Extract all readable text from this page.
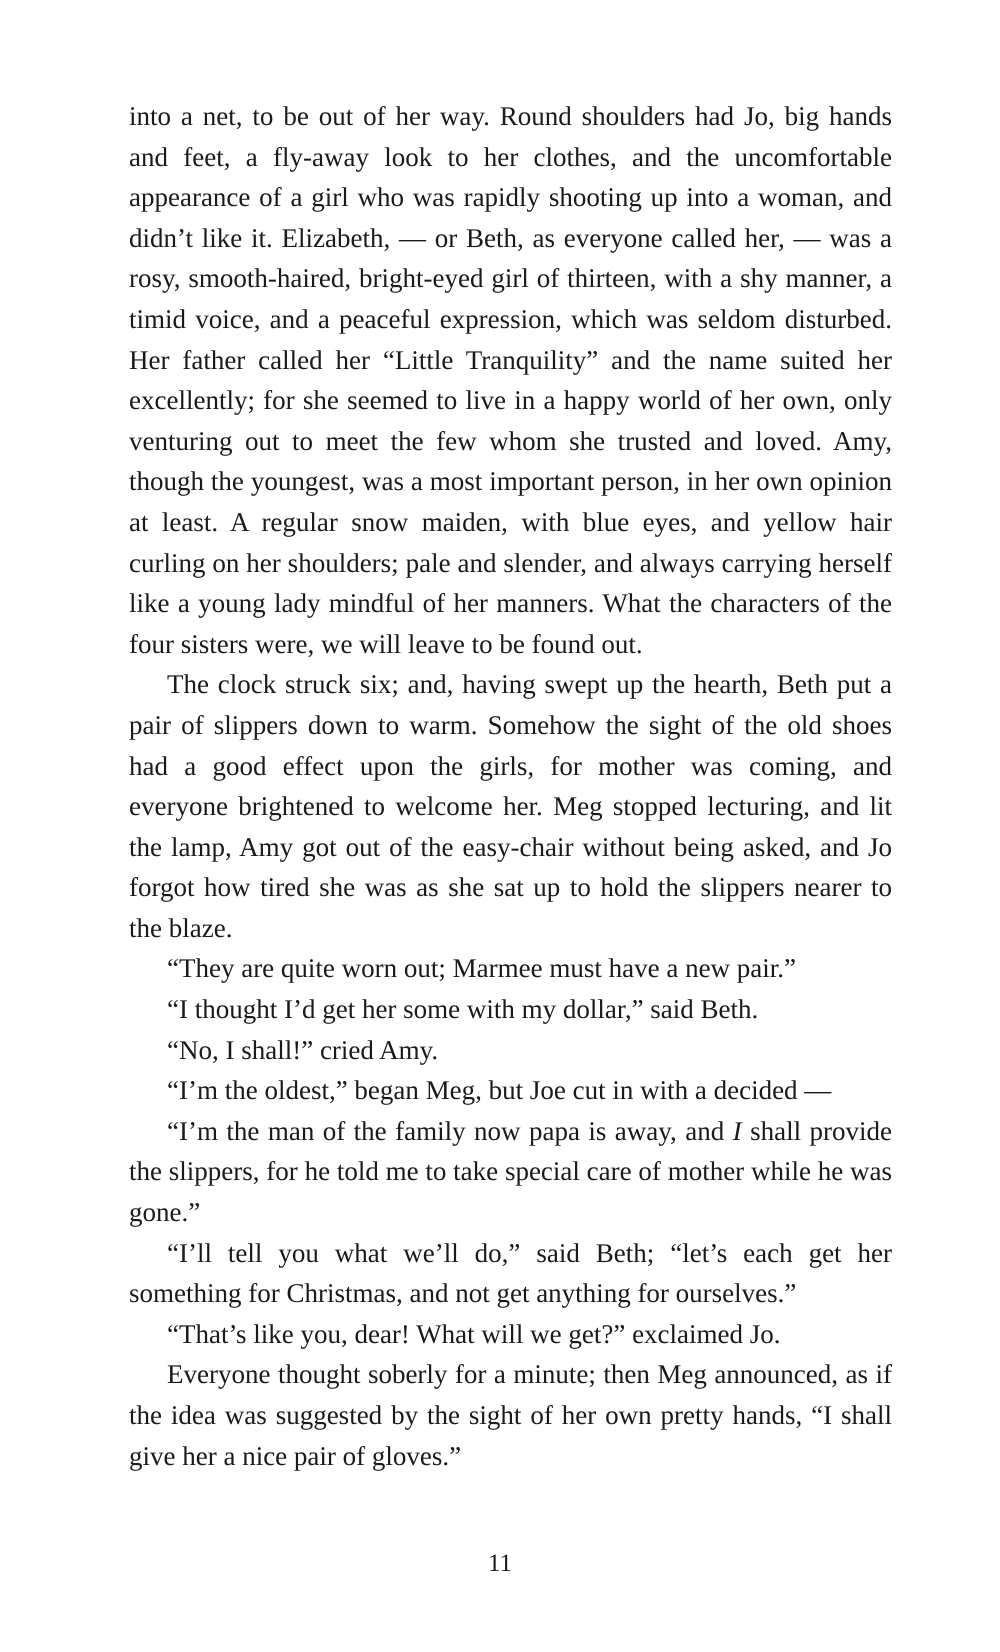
into a net, to be out of her way. Round shoulders had Jo, big hands and feet, a fly-away look to her clothes, and the uncomfortable appearance of a girl who was rapidly shooting up into a woman, and didn’t like it. Elizabeth, — or Beth, as everyone called her, — was a rosy, smooth-haired, bright-eyed girl of thirteen, with a shy manner, a timid voice, and a peaceful expression, which was seldom disturbed. Her father called her “Little Tranquility” and the name suited her excellently; for she seemed to live in a happy world of her own, only venturing out to meet the few whom she trusted and loved. Amy, though the youngest, was a most important person, in her own opinion at least. A regular snow maiden, with blue eyes, and yellow hair curling on her shoulders; pale and slender, and always carrying herself like a young lady mindful of her manners. What the characters of the four sisters were, we will leave to be found out.

The clock struck six; and, having swept up the hearth, Beth put a pair of slippers down to warm. Somehow the sight of the old shoes had a good effect upon the girls, for mother was coming, and everyone brightened to welcome her. Meg stopped lecturing, and lit the lamp, Amy got out of the easy-chair without being asked, and Jo forgot how tired she was as she sat up to hold the slippers nearer to the blaze.

“They are quite worn out; Marmee must have a new pair.”

“I thought I’d get her some with my dollar,” said Beth.

“No, I shall!” cried Amy.

“I’m the oldest,” began Meg, but Joe cut in with a decided —

“I’m the man of the family now papa is away, and I shall provide the slippers, for he told me to take special care of mother while he was gone.”

“I’ll tell you what we’ll do,” said Beth; “let’s each get her something for Christmas, and not get anything for ourselves.”

“That’s like you, dear! What will we get?” exclaimed Jo.

Everyone thought soberly for a minute; then Meg announced, as if the idea was suggested by the sight of her own pretty hands, “I shall give her a nice pair of gloves.”

11
